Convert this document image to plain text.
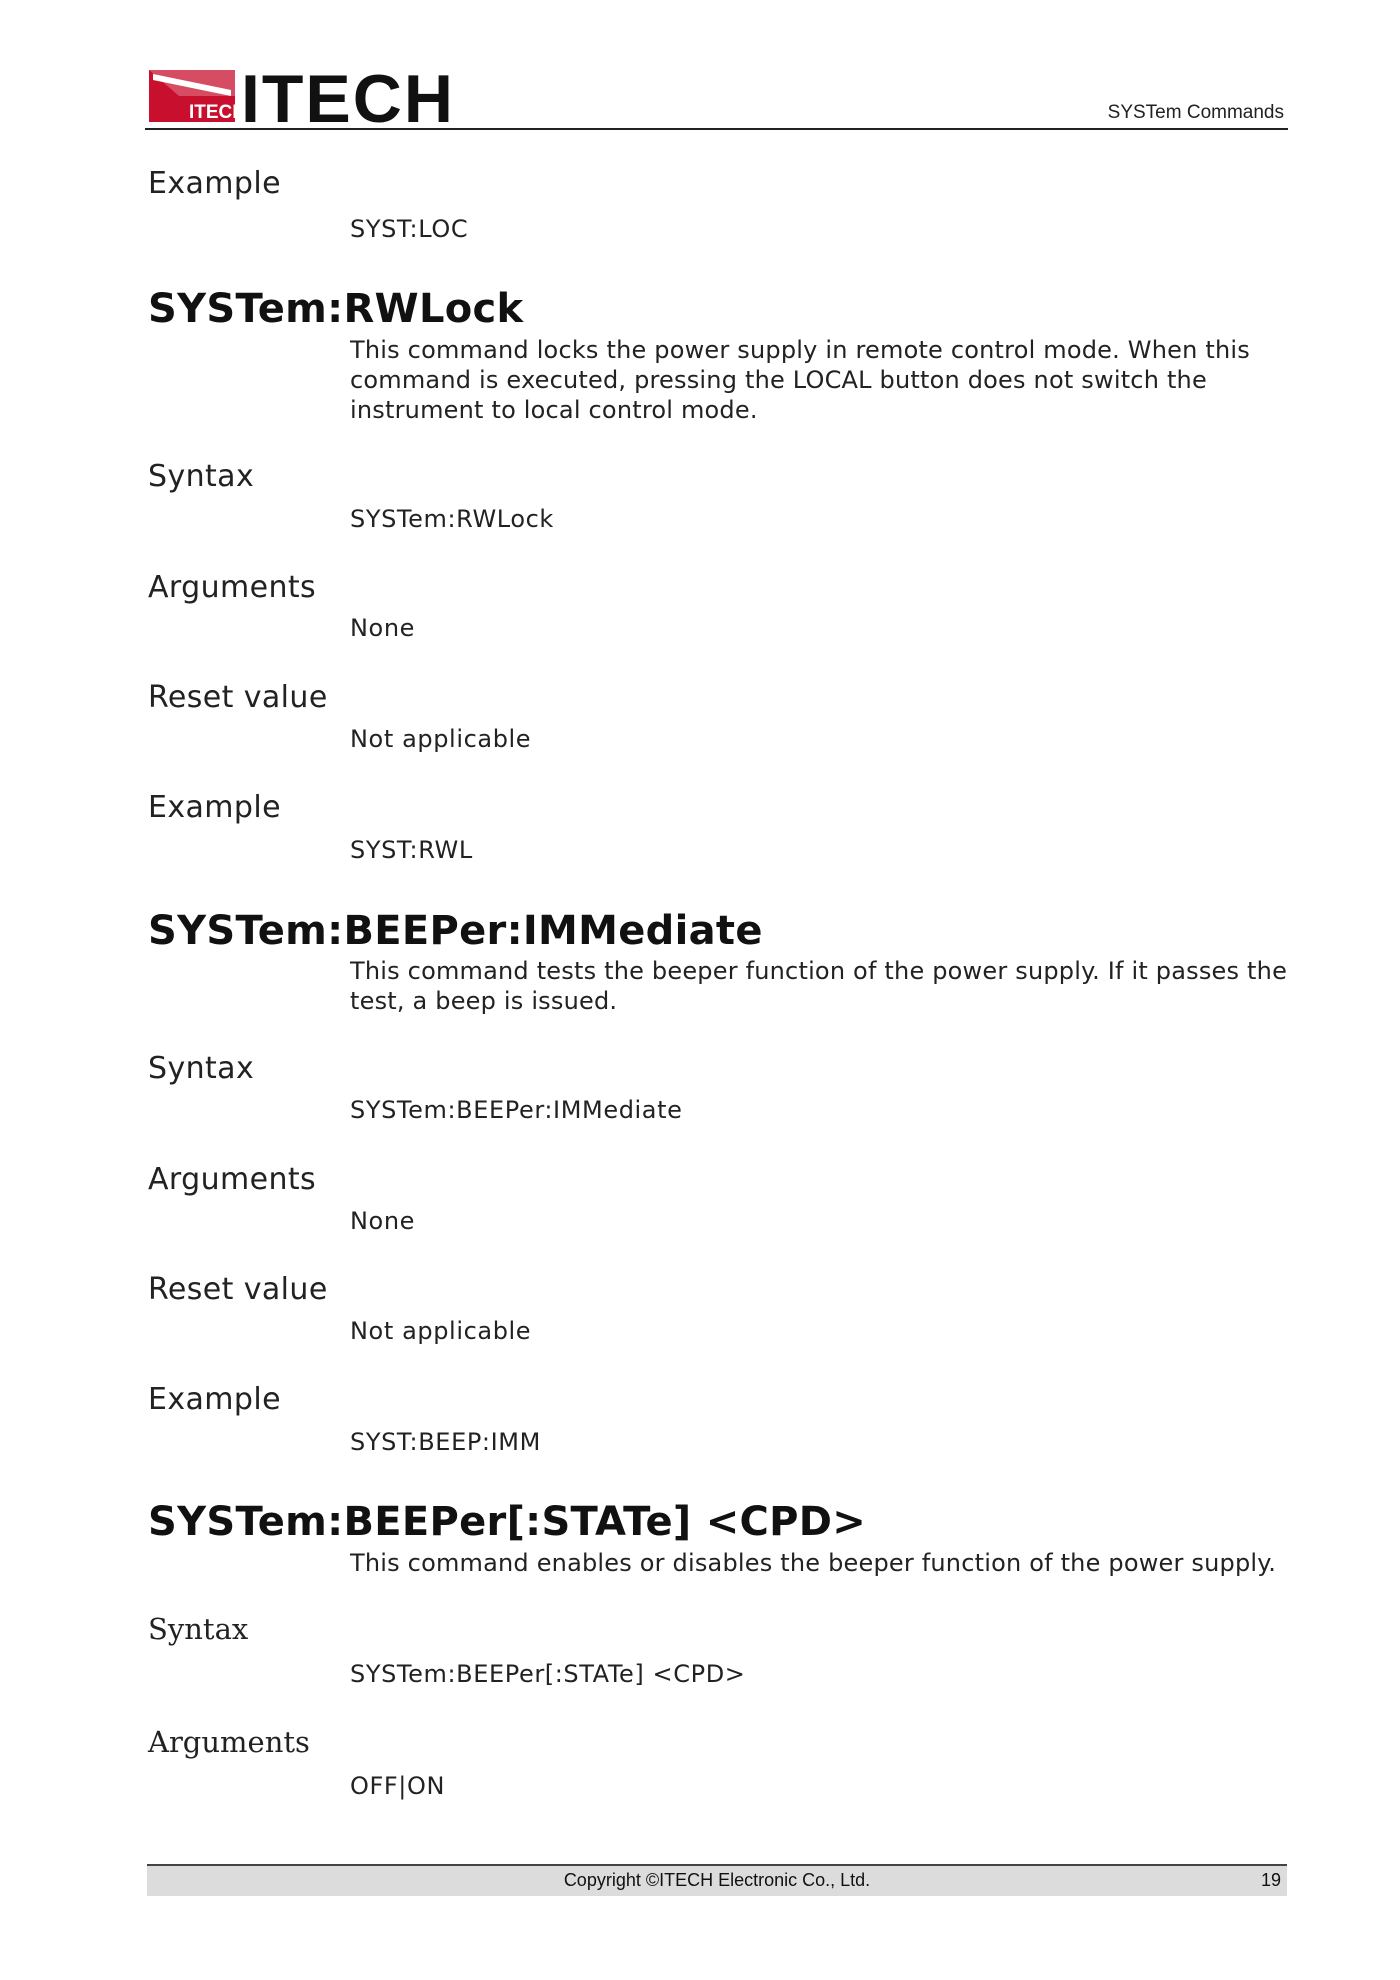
ITECH
ITECH	SYSTem Commands
Example
SYST:LOC
SYSTem:RWLock
This command locks the power supply in remote control mode. When this command is executed, pressing the LOCAL button does not switch the instrument to local control mode.
Syntax
SYSTem:RWLock
Arguments
None
Reset value
Not applicable
Example
SYST:RWL
SYSTem:BEEPer:IMMediate
This command tests the beeper function of the power supply. If it passes the test, a beep is issued.
Syntax
SYSTem:BEEPer:IMMediate
Arguments
None
Reset value
Not applicable
Example
SYST:BEEP:IMM
SYSTem:BEEPer[:STATe] <CPD>
This command enables or disables the beeper function of the power supply.
Syntax
SYSTem:BEEPer[:STATe] <CPD>
Arguments
OFF|ON
Copyright ©ITECH Electronic Co., Ltd.	19
